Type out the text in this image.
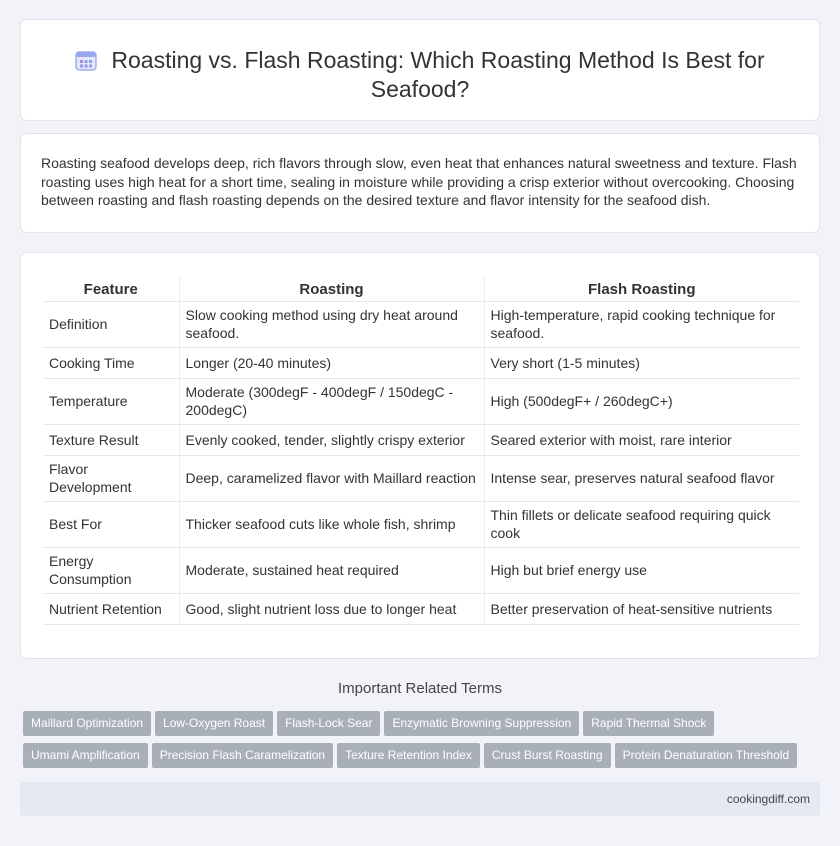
Roasting vs. Flash Roasting: Which Roasting Method Is Best for Seafood?

Roasting seafood develops deep, rich flavors through slow, even heat that enhances natural sweetness and texture. Flash roasting uses high heat for a short time, sealing in moisture while providing a crisp exterior without overcooking. Choosing between roasting and flash roasting depends on the desired texture and flavor intensity for the seafood dish.

Feature	Roasting	Flash Roasting
Definition	Slow cooking method using dry heat around seafood.	High-temperature, rapid cooking technique for seafood.
Cooking Time	Longer (20-40 minutes)	Very short (1-5 minutes)
Temperature	Moderate (300degF - 400degF / 150degC - 200degC)	High (500degF+ / 260degC+)
Texture Result	Evenly cooked, tender, slightly crispy exterior	Seared exterior with moist, rare interior
Flavor Development	Deep, caramelized flavor with Maillard reaction	Intense sear, preserves natural seafood flavor
Best For	Thicker seafood cuts like whole fish, shrimp	Thin fillets or delicate seafood requiring quick cook
Energy Consumption	Moderate, sustained heat required	High but brief energy use
Nutrient Retention	Good, slight nutrient loss due to longer heat	Better preservation of heat-sensitive nutrients
Important Related Terms
Maillard Optimization Low-Oxygen Roast Flash-Lock Sear Enzymatic Browning Suppression Rapid Thermal Shock
Umami Amplification Precision Flash Caramelization Texture Retention Index Crust Burst Roasting Protein Denaturation Threshold
cookingdiff.com
